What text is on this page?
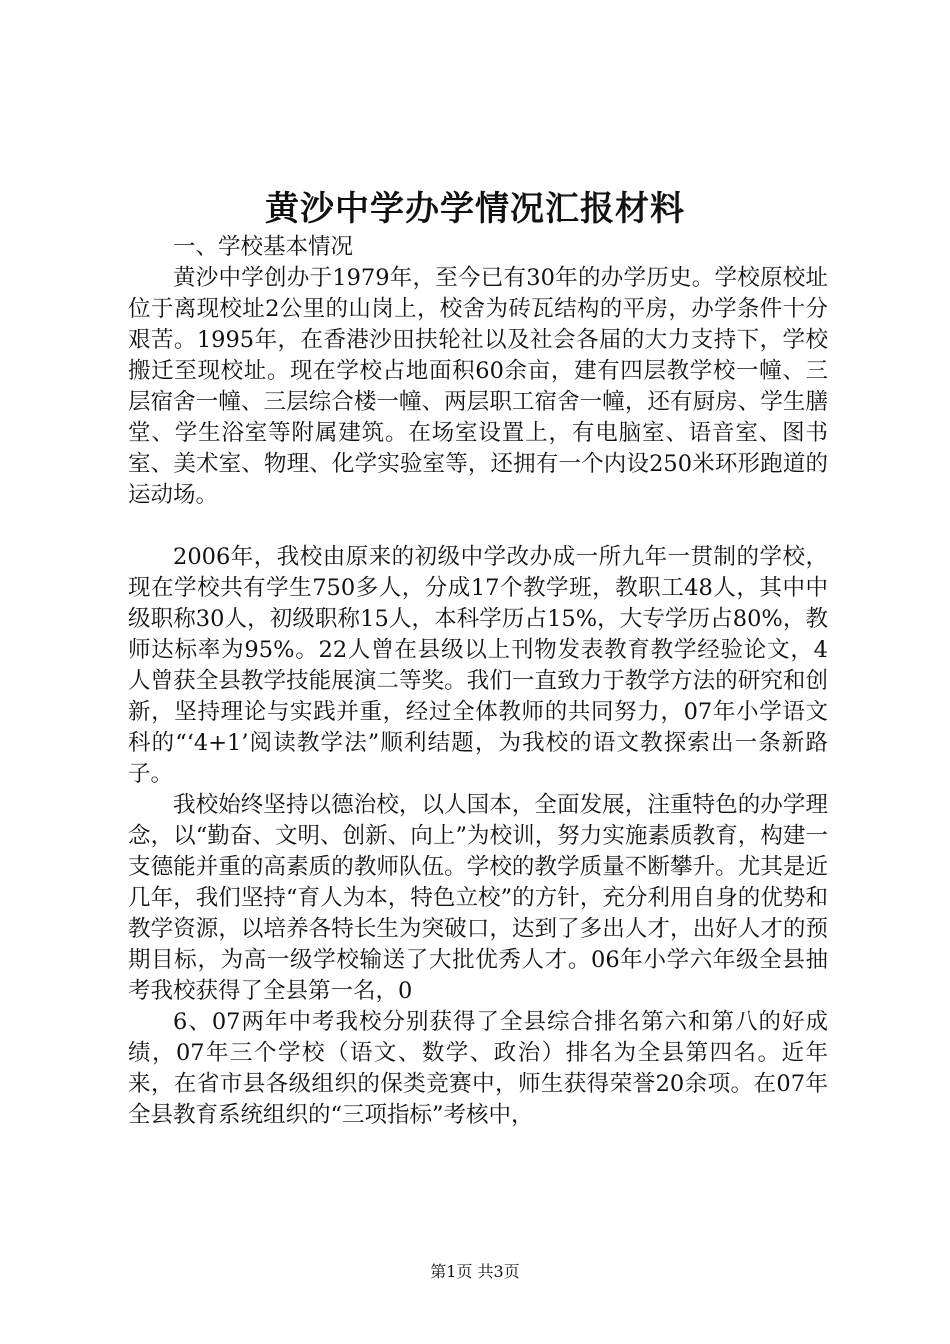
黄沙中学办学情况汇报材料

一、学校基本情况

黄沙中学创办于1979年，至今已有30年的办学历史。学校原校址位于离现校址2公里的山岗上，校舍为砖瓦结构的平房，办学条件十分艰苦。1995年，在香港沙田扶轮社以及社会各届的大力支持下，学校搬迁至现校址。现在学校占地面积60余亩，建有四层教学校一幢、三层宿舍一幢、三层综合楼一幢、两层职工宿舍一幢，还有厨房、学生膳堂、学生浴室等附属建筑。在场室设置上，有电脑室、语音室、图书室、美术室、物理、化学实验室等，还拥有一个内设250米环形跑道的运动场。

2006年，我校由原来的初级中学改办成一所九年一贯制的学校，现在学校共有学生750多人，分成17个教学班，教职工48人，其中中级职称30人，初级职称15人，本科学历占15%，大专学历占80%，教师达标率为95%。22人曾在县级以上刊物发表教育教学经验论文，4人曾获全县教学技能展演二等奖。我们一直致力于教学方法的研究和创新，坚持理论与实践并重，经过全体教师的共同努力，07年小学语文科的“‘4+1’阅读教学法”顺利结题，为我校的语文教探索出一条新路子。

我校始终坚持以德治校，以人国本，全面发展，注重特色的办学理念，以“勤奋、文明、创新、向上”为校训，努力实施素质教育，构建一支德能并重的高素质的教师队伍。学校的教学质量不断攀升。尤其是近几年，我们坚持“育人为本，特色立校”的方针，充分利用自身的优势和教学资源，以培养各特长生为突破口，达到了多出人才，出好人才的预期目标，为高一级学校输送了大批优秀人才。06年小学六年级全县抽考我校获得了全县第一名，0

6、07两年中考我校分别获得了全县综合排名第六和第八的好成绩，07年三个学校（语文、数学、政治）排名为全县第四名。近年来，在省市县各级组织的保类竞赛中，师生获得荣誉20余项。在07年全县教育系统组织的“三项指标”考核中，

第1页 共3页
